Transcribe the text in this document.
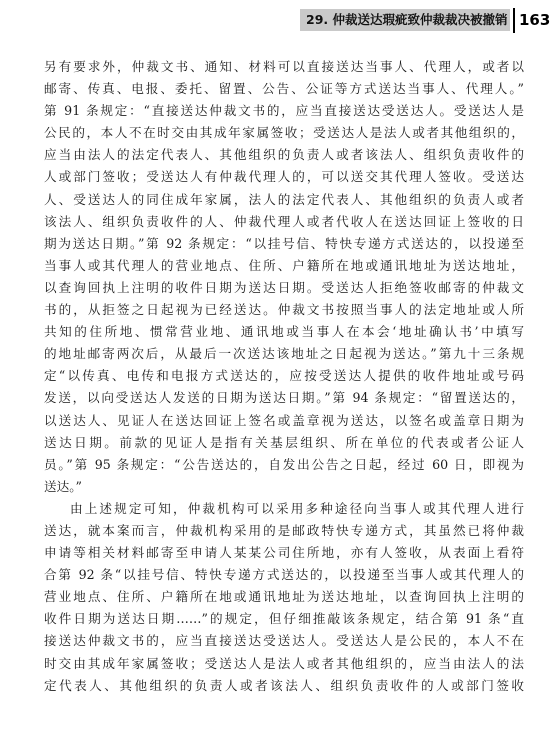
29. 仲裁送达瑕疵致仲裁裁决被撤销 163
另有要求外，仲裁文书、通知、材料可以直接送达当事人、代理人，或者以
邮寄、传真、电报、委托、留置、公告、公证等方式送达当事人、代理人。”
第 91 条规定：“直接送达仲裁文书的，应当直接送达受送达人。受送达人是
公民的，本人不在时交由其成年家属签收；受送达人是法人或者其他组织的，
应当由法人的法定代表人、其他组织的负责人或者该法人、组织负责收件的
人或部门签收；受送达人有仲裁代理人的，可以送交其代理人签收。受送达
人、受送达人的同住成年家属，法人的法定代表人、其他组织的负责人或者
该法人、组织负责收件的人、仲裁代理人或者代收人在送达回证上签收的日
期为送达日期。”第 92 条规定：“以挂号信、特快专递方式送达的，以投递至
当事人或其代理人的营业地点、住所、户籍所在地或通讯地址为送达地址，
以查询回执上注明的收件日期为送达日期。受送达人拒绝签收邮寄的仲裁文
书的，从拒签之日起视为已经送达。仲裁文书按照当事人的法定地址或人所
共知的住所地、惯常营业地、通讯地或当事人在本会‘地址确认书’中填写
的地址邮寄两次后，从最后一次送达该地址之日起视为送达。”第九十三条规
定“以传真、电传和电报方式送达的，应按受送达人提供的收件地址或号码
发送，以向受送达人发送的日期为送达日期。”第 94 条规定：“留置送达的，
以送达人、见证人在送达回证上签名或盖章视为送达，以签名或盖章日期为
送达日期。前款的见证人是指有关基层组织、所在单位的代表或者公证人
员。”第 95 条规定：“公告送达的，自发出公告之日起，经过 60 日，即视为
送达。”
由上述规定可知，仲裁机构可以采用多种途径向当事人或其代理人进行
送达，就本案而言，仲裁机构采用的是邮政特快专递方式，其虽然已将仲裁
申请等相关材料邮寄至申请人某某公司住所地，亦有人签收，从表面上看符
合第 92 条“以挂号信、特快专递方式送达的，以投递至当事人或其代理人的
营业地点、住所、户籍所在地或通讯地址为送达地址，以查询回执上注明的
收件日期为送达日期……”的规定，但仔细推敲该条规定，结合第 91 条“直
接送达仲裁文书的，应当直接送达受送达人。受送达人是公民的，本人不在
时交由其成年家属签收；受送达人是法人或者其他组织的，应当由法人的法
定代表人、其他组织的负责人或者该法人、组织负责收件的人或部门签收
